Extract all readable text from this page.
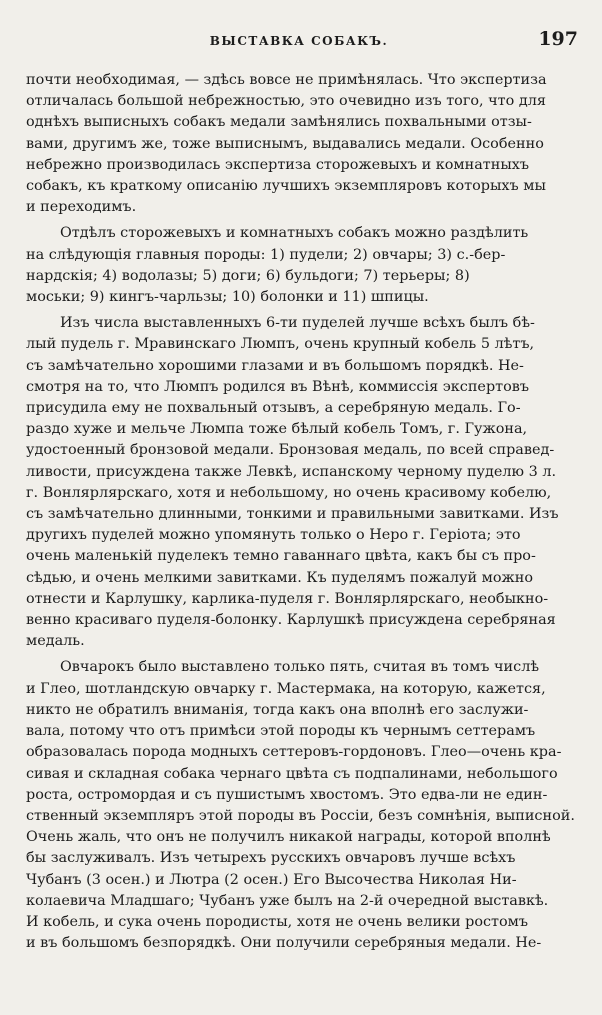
ВЫСТАВКА СОБАКЪ.	197

почти необходимая, — здѣсь вовсе не примѣнялась. Что экспертиза
отличалась большой небрежностью, это очевидно изъ того, что для
однѣхъ выписныхъ собакъ медали замѣнялись похвальными отзы-
вами, другимъ же, тоже выписнымъ, выдавались медали. Особенно
небрежно производилась экспертиза сторожевыхъ и комнатныхъ
собакъ, къ краткому описанiю лучшихъ экземпляровъ которыхъ мы
и переходимъ.

Отдѣлъ сторожевыхъ и комнатныхъ собакъ можно раздѣлить
на слѣдующiя главныя породы: 1) пудели; 2) овчары; 3) с.-бер-
нардскiя; 4) водолазы; 5) доги; 6) бульдоги; 7) терьеры; 8)
моськи; 9) кингъ-чарльзы; 10) болонки и 11) шпицы.

Изъ числа выставленныхъ 6-ти пуделей лучше всѣхъ былъ бѣ-
лый пудель г. Мравинскаго Люмпъ, очень крупный кобель 5 лѣтъ,
съ замѣчательно хорошими глазами и въ большомъ порядкѣ. Не-
смотря на то, что Люмпъ родился въ Вѣнѣ, коммиссiя экспертовъ
присудила ему не похвальный отзывъ, а серебряную медаль. Го-
раздо хуже и мельче Люмпа тоже бѣлый кобель Томъ, г. Гужона,
удостоенный бронзовой медали. Бронзовая медаль, по всей справед-
ливости, присуждена также Левкѣ, испанскому черному пуделю 3 л.
г. Вонлярлярскаго, хотя и небольшому, но очень красивому кобелю,
съ замѣчательно длинными, тонкими и правильными завитками. Изъ
другихъ пуделей можно упомянуть только о Неро г. Герiота; это
очень маленькiй пуделекъ темно гаваннаго цвѣта, какъ бы съ про-
сѣдью, и очень мелкими завитками. Къ пуделямъ пожалуй можно
отнести и Карлушку, карлика-пуделя г. Вонлярлярскаго, необыкно-
венно красиваго пуделя-болонку. Карлушкѣ присуждена серебряная
медаль.

Овчарокъ было выставлено только пять, считая въ томъ числѣ
и Глео, шотландскую овчарку г. Мастермака, на которую, кажется,
никто не обратилъ вниманiя, тогда какъ она вполнѣ его заслужи-
вала, потому что отъ примѣси этой породы къ чернымъ сеттерамъ
образовалась порода модныхъ сеттеровъ-гордоновъ. Глео—очень кра-
сивая и складная собака чернаго цвѣта съ подпалинами, небольшого
роста, остромордая и съ пушистымъ хвостомъ. Это едва-ли не един-
ственный экземпляръ этой породы въ Россiи, безъ сомнѣнiя, выписной.
Очень жаль, что онъ не получилъ никакой награды, которой вполнѣ
бы заслуживалъ. Изъ четырехъ русскихъ овчаровъ лучше всѣхъ
Чубанъ (3 осен.) и Лютра (2 осен.) Его Высочества Николая Ни-
колаевича Младшаго; Чубанъ уже былъ на 2-й очередной выставкѣ.
И кобель, и сука очень породисты, хотя не очень велики ростомъ
и въ большомъ безпорядкѣ. Они получили серебряныя медали. Не-
